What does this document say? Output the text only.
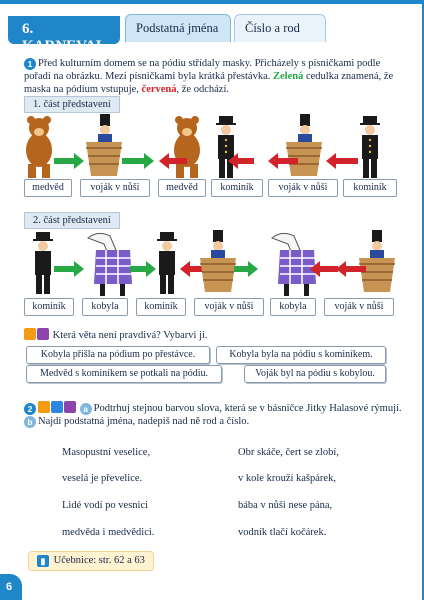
6. KARNEVAL
Podstatná jména	Číslo a rod
1 Před kulturním domem se na pódiu střídaly masky. Přicházely s písničkami podle pořadí na obrázku. Mezi písničkami byla krátká přestávka. Zelená cedulka znamená, že maska na pódium vstupuje, červená, že odchází.
1. část představení
medvěd	voják v nůši	medvěd	kominík	voják v nůši	kominík
2. část představení
kominík	kobyla	kominík	voják v nůši	kobyla	voják v nůši
Která věta není pravdivá? Vybarvi ji.
Kobyla přišla na pódium po přestávce.	Kobyla byla na pódiu s kominíkem.
Medvěd s kominíkem se potkali na pódiu.	Voják byl na pódiu s kobylou.
2	a Podtrhuj stejnou barvou slova, která se v básničce Jitky Halasové rýmují. b Najdi podstatná jména, nadepiš nad ně rod a číslo.
Masopustní veselice,
veselá je převelice.
Lidé vodí po vesnici
medvěda i medvědici.
Obr skáče, čert se zlobí,
v kole krouží kašpárek,
bába v nůši nese pána,
vodník tlačí kočárek.
▮ Učebnice: str. 62 a 63
6
